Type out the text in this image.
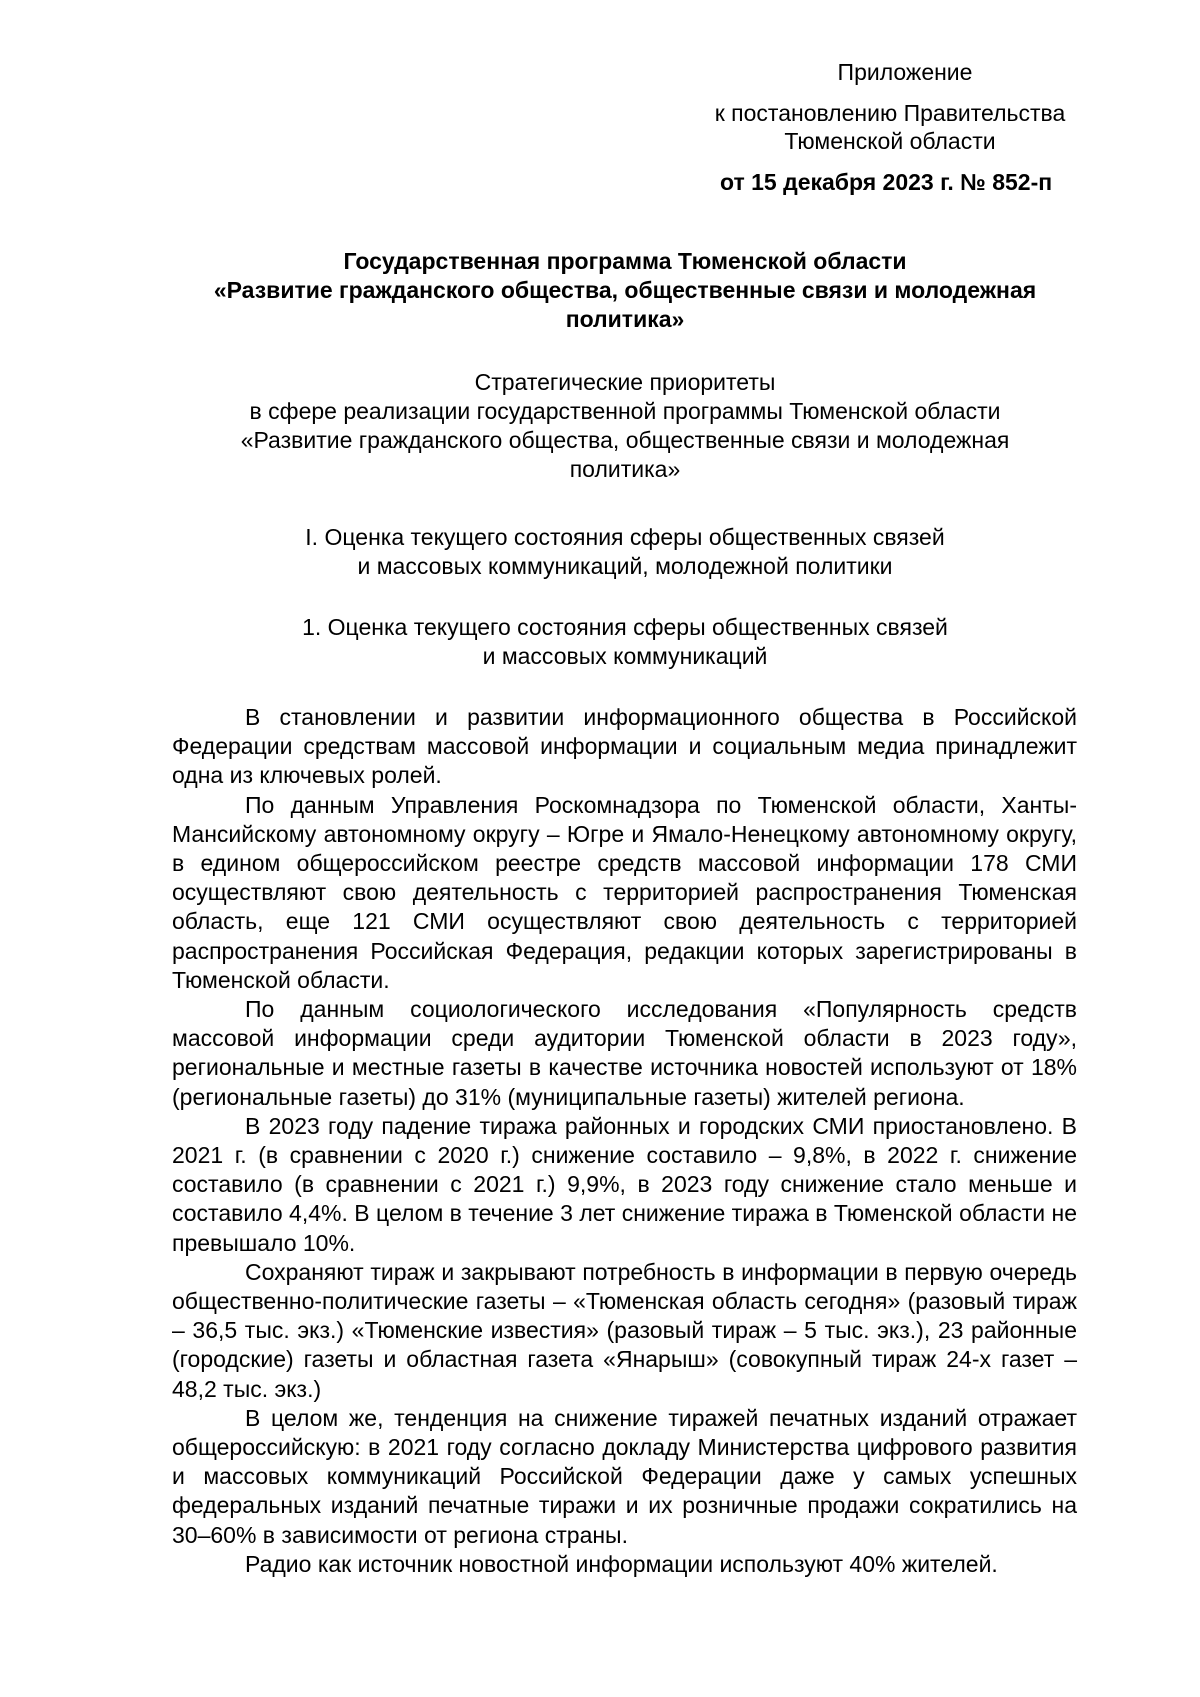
Приложение
к постановлению Правительства
Тюменской области
от 15 декабря 2023 г. № 852-п
Государственная программа Тюменской области
«Развитие гражданского общества, общественные связи и молодежная
политика»
Стратегические приоритеты
в сфере реализации государственной программы Тюменской области
«Развитие гражданского общества, общественные связи и молодежная
политика»
I. Оценка текущего состояния сферы общественных связей
и массовых коммуникаций, молодежной политики
1. Оценка текущего состояния сферы общественных связей
и массовых коммуникаций

В становлении и развитии информационного общества в Российской Федерации средствам массовой информации и социальным медиа принадлежит одна из ключевых ролей.

По данным Управления Роскомнадзора по Тюменской области, Ханты-Мансийскому автономному округу – Югре и Ямало-Ненецкому автономному округу, в едином общероссийском реестре средств массовой информации 178 СМИ осуществляют свою деятельность с территорией распространения Тюменская область, еще 121 СМИ осуществляют свою деятельность с территорией распространения Российская Федерация, редакции которых зарегистрированы в Тюменской области.

По данным социологического исследования «Популярность средств массовой информации среди аудитории Тюменской области в 2023 году», региональные и местные газеты в качестве источника новостей используют от 18% (региональные газеты) до 31% (муниципальные газеты) жителей региона.

В 2023 году падение тиража районных и городских СМИ приостановлено. В 2021 г. (в сравнении с 2020 г.) снижение составило – 9,8%, в 2022 г. снижение составило (в сравнении с 2021 г.) 9,9%, в 2023 году снижение стало меньше и составило 4,4%. В целом в течение 3 лет снижение тиража в Тюменской области не превышало 10%.

Сохраняют тираж и закрывают потребность в информации в первую очередь общественно-политические газеты – «Тюменская область сегодня» (разовый тираж – 36,5 тыс. экз.) «Тюменские известия» (разовый тираж – 5 тыс. экз.), 23 районные (городские) газеты и областная газета «Янарыш» (совокупный тираж 24-х газет – 48,2 тыс. экз.)

В целом же, тенденция на снижение тиражей печатных изданий отражает общероссийскую: в 2021 году согласно докладу Министерства цифрового развития и массовых коммуникаций Российской Федерации даже у самых успешных федеральных изданий печатные тиражи и их розничные продажи сократились на 30–60% в зависимости от региона страны.

Радио как источник новостной информации используют 40% жителей.
